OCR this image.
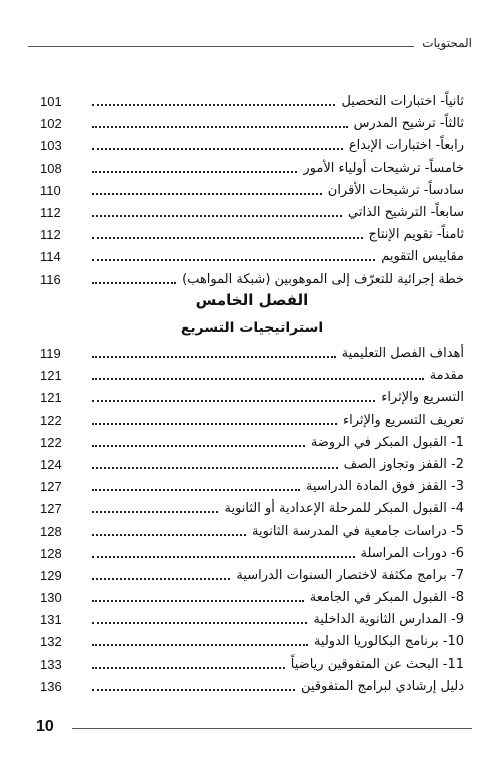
المحتويات
101	ثانياً- اختبارات التحصيل
102	ثالثاً- ترشيح المدرس
103	رابعاً- اختبارات الإبداع
108	خامساً- ترشيحات أولياء الأمور
110	سادساً- ترشيحات الأقران
112	سابعاً- الترشيح الذاتي
112	ثامناً- تقويم الإنتاج
114	مقاييس التقويم
116	خطة إجرائية للتعرّف إلى الموهوبين (شبكة المواهب)
الفصل الخامس
استراتيجيات التسريع
119	أهداف الفصل التعليمية
121	مقدمة
121	التسريع والإثراء
122	تعريف التسريع والإثراء
122	1- القبول المبكر في الروضة
124	2- القفز وتجاوز الصف
127	3- القفز فوق المادة الدراسية
127	4- القبول المبكر للمرحلة الإعدادية أو الثانوية
128	5- دراسات جامعية في المدرسة الثانوية
128	6- دورات المراسلة
129	7- برامج مكثفة لاختصار السنوات الدراسية
130	8- القبول المبكر في الجامعة
131	9- المدارس الثانوية الداخلية
132	10- برنامج البكالوريا الدولية
133	11- البحث عن المتفوقين رياضياً
136	دليل إرشادي لبرامج المتفوقين
10
